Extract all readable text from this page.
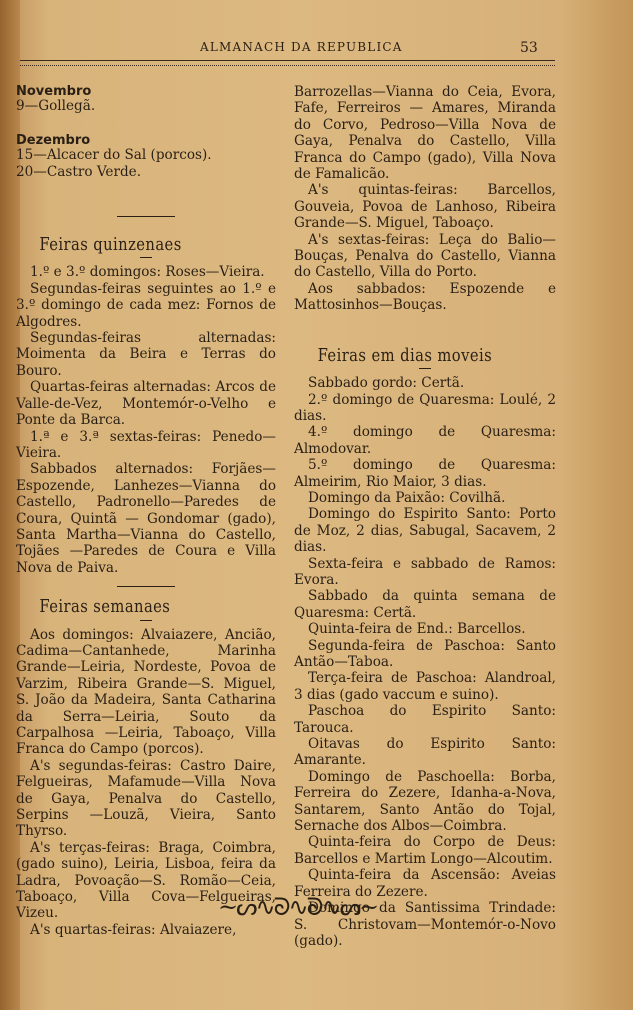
ALMANACH DA REPUBLICA	53

Novembro

9—Gollegã.

Dezembro

15—Alcacer do Sal (porcos).

20—Castro Verde.

Feiras quinzenaes

1.º e 3.º domingos: Roses—Vieira.

Segundas-feiras seguintes ao 1.º e 3.º domingo de cada mez: Fornos de Algodres.

Segundas-feiras alternadas: Moimenta da Beira e Terras do Bouro.

Quartas-feiras alternadas: Arcos de Valle-de-Vez, Montemór-o-Velho e Ponte da Barca.

1.ª e 3.ª sextas-feiras: Penedo—Vieira.

Sabbados alternados: Forjães—Espozende, Lanhezes—Vianna do Castello, Padronello—Paredes de Coura, Quintã — Gondomar (gado), Santa Martha—Vianna do Castello, Tojães —Paredes de Coura e Villa Nova de Paiva.

Feiras semanaes

Aos domingos: Alvaiazere, Ancião, Cadima—Cantanhede, Marinha Grande—Leiria, Nordeste, Povoa de Varzim, Ribeira Grande—S. Miguel, S. João da Madeira, Santa Catharina da Serra—Leiria, Souto da Carpalhosa —Leiria, Taboaço, Villa Franca do Campo (porcos).

A's segundas-feiras: Castro Daire, Felgueiras, Mafamude—Villa Nova de Gaya, Penalva do Castello, Serpins —Louzã, Vieira, Santo Thyrso.

A's terças-feiras: Braga, Coimbra, (gado suino), Leiria, Lisboa, feira da Ladra, Povoação—S. Romão—Ceia, Taboaço, Villa Cova—Felgueiras, Vizeu.

A's quartas-feiras: Alvaiazere,

Barrozellas—Vianna do Ceia, Evora, Fafe, Ferreiros — Amares, Miranda do Corvo, Pedroso—Villa Nova de Gaya, Penalva do Castello, Villa Franca do Campo (gado), Villa Nova de Famalicão.

A's quintas-feiras: Barcellos, Gouveia, Povoa de Lanhoso, Ribeira Grande—S. Miguel, Taboaço.

A's sextas-feiras: Leça do Balio—Bouças, Penalva do Castello, Vianna do Castello, Villa do Porto.

Aos sabbados: Espozende e Mattosinhos—Bouças.

Feiras em dias moveis

Sabbado gordo: Certã.

2.º domingo de Quaresma: Loulé, 2 dias.

4.º domingo de Quaresma: Almodovar.

5.º domingo de Quaresma: Almeirim, Rio Maior, 3 dias.

Domingo da Paixão: Covilhã.

Domingo do Espirito Santo: Porto de Moz, 2 dias, Sabugal, Sacavem, 2 dias.

Sexta-feira e sabbado de Ramos: Evora.

Sabbado da quinta semana de Quaresma: Certã.

Quinta-feira de End.: Barcellos.

Segunda-feira de Paschoa: Santo Antão—Taboa.

Terça-feira de Paschoa: Alandroal, 3 dias (gado vaccum e suino).

Paschoa do Espirito Santo: Tarouca.

Oitavas do Espirito Santo: Amarante.

Domingo de Paschoella: Borba, Ferreira do Zezere, Idanha-a-Nova, Santarem, Santo Antão do Tojal, Sernache dos Albos—Coimbra.

Quinta-feira do Corpo de Deus: Barcellos e Martim Longo—Alcoutim.

Quinta-feira da Ascensão: Aveias Ferreira do Zezere.

Domingo da Santissima Trindade: S. Christovam—Montemór-o-Novo (gado).

~ᔕ∿ᘐ∿ᘐ∿ᔕ~
